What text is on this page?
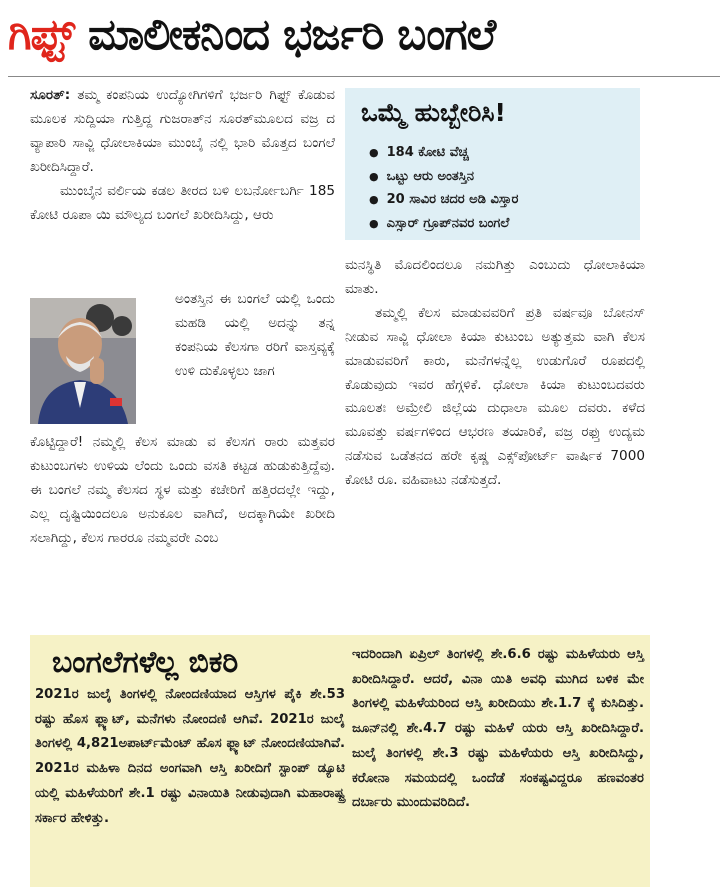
ಗಿಫ್ಟ್ ಮಾಲೀಕನಿಂದ ಭರ್ಜರಿ ಬಂಗಲೆ

ಸೂರತ್: ತಮ್ಮ ಕಂಪನಿಯ ಉದ್ಯೋಗಿಗಳಿಗೆ ಭರ್ಜರಿ ಗಿಫ್ಟ್ ಕೊಡುವ ಮೂಲಕ ಸುದ್ದಿಯಾ ಗುತ್ತಿದ್ದ ಗುಜರಾತ್‌ನ ಸೂರತ್‌ಮೂಲದ ವಜ್ರ ದ ವ್ಯಾಪಾರಿ ಸಾವ್ಜಿ ಧೋಲಾಕಿಯಾ ಮುಂಬೈ ನಲ್ಲಿ ಭಾರಿ ಮೊತ್ತದ ಬಂಗಲೆ ಖರೀದಿಸಿದ್ದಾರೆ.

ಮುಂಬೈನ ವರ್ಲಿಯ ಕಡಲ ತೀರದ ಬಳಿ ಲಬರ್ನೋಬರ್ಗಿ 185 ಕೋಟಿ ರೂಪಾ ಯಿ ಮೌಲ್ಯದ ಬಂಗಲೆ ಖರೀದಿಸಿದ್ದು, ಆರು

ಅಂತಸ್ತಿನ ಈ ಬಂಗಲೆ ಯಲ್ಲಿ ಒಂದು ಮಹಡಿ ಯಲ್ಲಿ ಅದನ್ನು ತನ್ನ ಕಂಪನಿಯ ಕೆಲಸಗಾ ರರಿಗೆ ವಾಸ್ತವ್ಯಕ್ಕೆ ಉಳಿ ದುಕೊಳ್ಳಲು ಜಾಗ

ಕೊಟ್ಟಿದ್ದಾರೆ! ನಮ್ಮಲ್ಲಿ ಕೆಲಸ ಮಾಡು ವ ಕೆಲಸಗ ರಾರು ಮತ್ತವರ ಕುಟುಂಬಗಳು ಉಳಿಯ ಲೆಂದು ಒಂದು ವಸತಿ ಕಟ್ಟಡ ಹುಡುಕುತ್ತಿದ್ದೆವು. ಈ ಬಂಗಲೆ ನಮ್ಮ ಕೆಲಸದ ಸ್ಥಳ ಮತ್ತು ಕಚೇರಿಗೆ ಹತ್ತಿರದಲ್ಲೇ ಇದ್ದು, ಎಲ್ಲ ದೃಷ್ಟಿಯಿಂದಲೂ ಅನುಕೂಲ ವಾಗಿದೆ, ಅದಕ್ಕಾಗಿಯೇ ಖರೀದಿ ಸಲಾಗಿದ್ದು, ಕೆಲಸ ಗಾರರೂ ನಮ್ಮವರೇ ಎಂಬ

ಒಮ್ಮೆ ಹುಬ್ಬೇರಿಸಿ!
● 184 ಕೋಟಿ ವೆಚ್ಚ
● ಒಟ್ಟು ಆರು ಅಂತಸ್ತಿನ
● 20 ಸಾವಿರ ಚದರ ಅಡಿ ವಿಸ್ತಾರ
● ಎಸ್ಸಾರ್ ಗ್ರೂಪ್‌ನವರ ಬಂಗಲೆ

ಮನಸ್ಥಿತಿ ಮೊದಲಿಂದಲೂ ನಮಗಿತ್ತು ಎಂಬುದು ಧೋಲಾಕಿಯಾ ಮಾತು.

ತಮ್ಮಲ್ಲಿ ಕೆಲಸ ಮಾಡುವವರಿಗೆ ಪ್ರತಿ ವರ್ಷವೂ ಬೋನಸ್ ನೀಡುವ ಸಾವ್ಜಿ ಧೋಲಾ ಕಿಯಾ ಕುಟುಂಬ ಅತ್ಯುತ್ತಮ ವಾಗಿ ಕೆಲಸ ಮಾಡುವವರಿಗೆ ಕಾರು, ಮನೆಗಳನ್ನೆಲ್ಲ ಉಡುಗೊರೆ ರೂಪದಲ್ಲಿ ಕೊಡುವುದು ಇವರ ಹೆಗ್ಗಳಿಕೆ. ಧೋಲಾ ಕಿಯಾ ಕುಟುಂಬದವರು ಮೂಲತಃ ಅಮ್ರೇಲಿ ಜಿಲ್ಲೆಯ ದುಧಾಲಾ ಮೂಲ ದವರು. ಕಳೆದ ಮೂವತ್ತು ವರ್ಷಗಳಿಂದ ಆಭರಣ ತಯಾರಿಕೆ, ವಜ್ರ ರಫ್ತು ಉದ್ಯಮ ನಡೆಸುವ ಒಡೆತನದ ಹರೇ ಕೃಷ್ಣ ಎಕ್ಸ್‌ಪೋರ್ಟ್ ವಾರ್ಷಿಕ 7000 ಕೋಟಿ ರೂ. ವಹಿವಾಟು ನಡೆಸುತ್ತದೆ.

ಬಂಗಲೆಗಳೆಲ್ಲ ಬಿಕರಿ
2021ರ ಜುಲೈ ತಿಂಗಳಲ್ಲಿ ನೋಂದಣಿಯಾದ ಆಸ್ತಿಗಳ ಪೈಕಿ ಶೇ.53 ರಷ್ಟು ಹೊಸ ಫ್ಲ್ಯಾಟ್, ಮನೆಗಳು ನೋಂದಣಿ ಆಗಿವೆ. 2021ರ ಜುಲೈ ತಿಂಗಳಲ್ಲಿ 4,821ಅಪಾರ್ಟ್‌ಮೆಂಟ್ ಹೊಸ ಫ್ಲ್ಯಾಟ್ ನೋಂದಣಿಯಾಗಿವೆ. 2021ರ ಮಹಿಳಾ ದಿನದ ಅಂಗವಾಗಿ ಆಸ್ತಿ ಖರೀದಿಗೆ ಸ್ಟಾಂಪ್ ಡ್ಯೂಟಿ ಯಲ್ಲಿ ಮಹಿಳೆಯರಿಗೆ ಶೇ.1 ರಷ್ಟು ವಿನಾಯಿತಿ ನೀಡುವುದಾಗಿ ಮಹಾರಾಷ್ಟ್ರ ಸರ್ಕಾರ ಹೇಳಿತ್ತು.
ಇದರಿಂದಾಗಿ ಏಪ್ರಿಲ್ ತಿಂಗಳಲ್ಲಿ ಶೇ.6.6 ರಷ್ಟು ಮಹಿಳೆಯರು ಆಸ್ತಿ ಖರೀದಿಸಿದ್ದಾರೆ. ಆದರೆ, ವಿನಾ ಯಿತಿ ಅವಧಿ ಮುಗಿದ ಬಳಿಕ ಮೇ ತಿಂಗಳಲ್ಲಿ ಮಹಿಳೆಯರಿಂದ ಆಸ್ತಿ ಖರೀದಿಯು ಶೇ.1.7 ಕ್ಕೆ ಕುಸಿದಿತ್ತು. ಜೂನ್‌ನಲ್ಲಿ ಶೇ.4.7 ರಷ್ಟು ಮಹಿಳೆ ಯರು ಆಸ್ತಿ ಖರೀದಿಸಿದ್ದಾರೆ. ಜುಲೈ ತಿಂಗಳಲ್ಲಿ ಶೇ.3 ರಷ್ಟು ಮಹಿಳೆಯರು ಆಸ್ತಿ ಖರೀದಿಸಿದ್ದು, ಕರೋನಾ ಸಮಯದಲ್ಲಿ ಒಂದೆಡೆ ಸಂಕಷ್ಟವಿದ್ದರೂ ಹಣವಂತರ ದರ್ಬಾರು ಮುಂದುವರಿದಿದೆ.
